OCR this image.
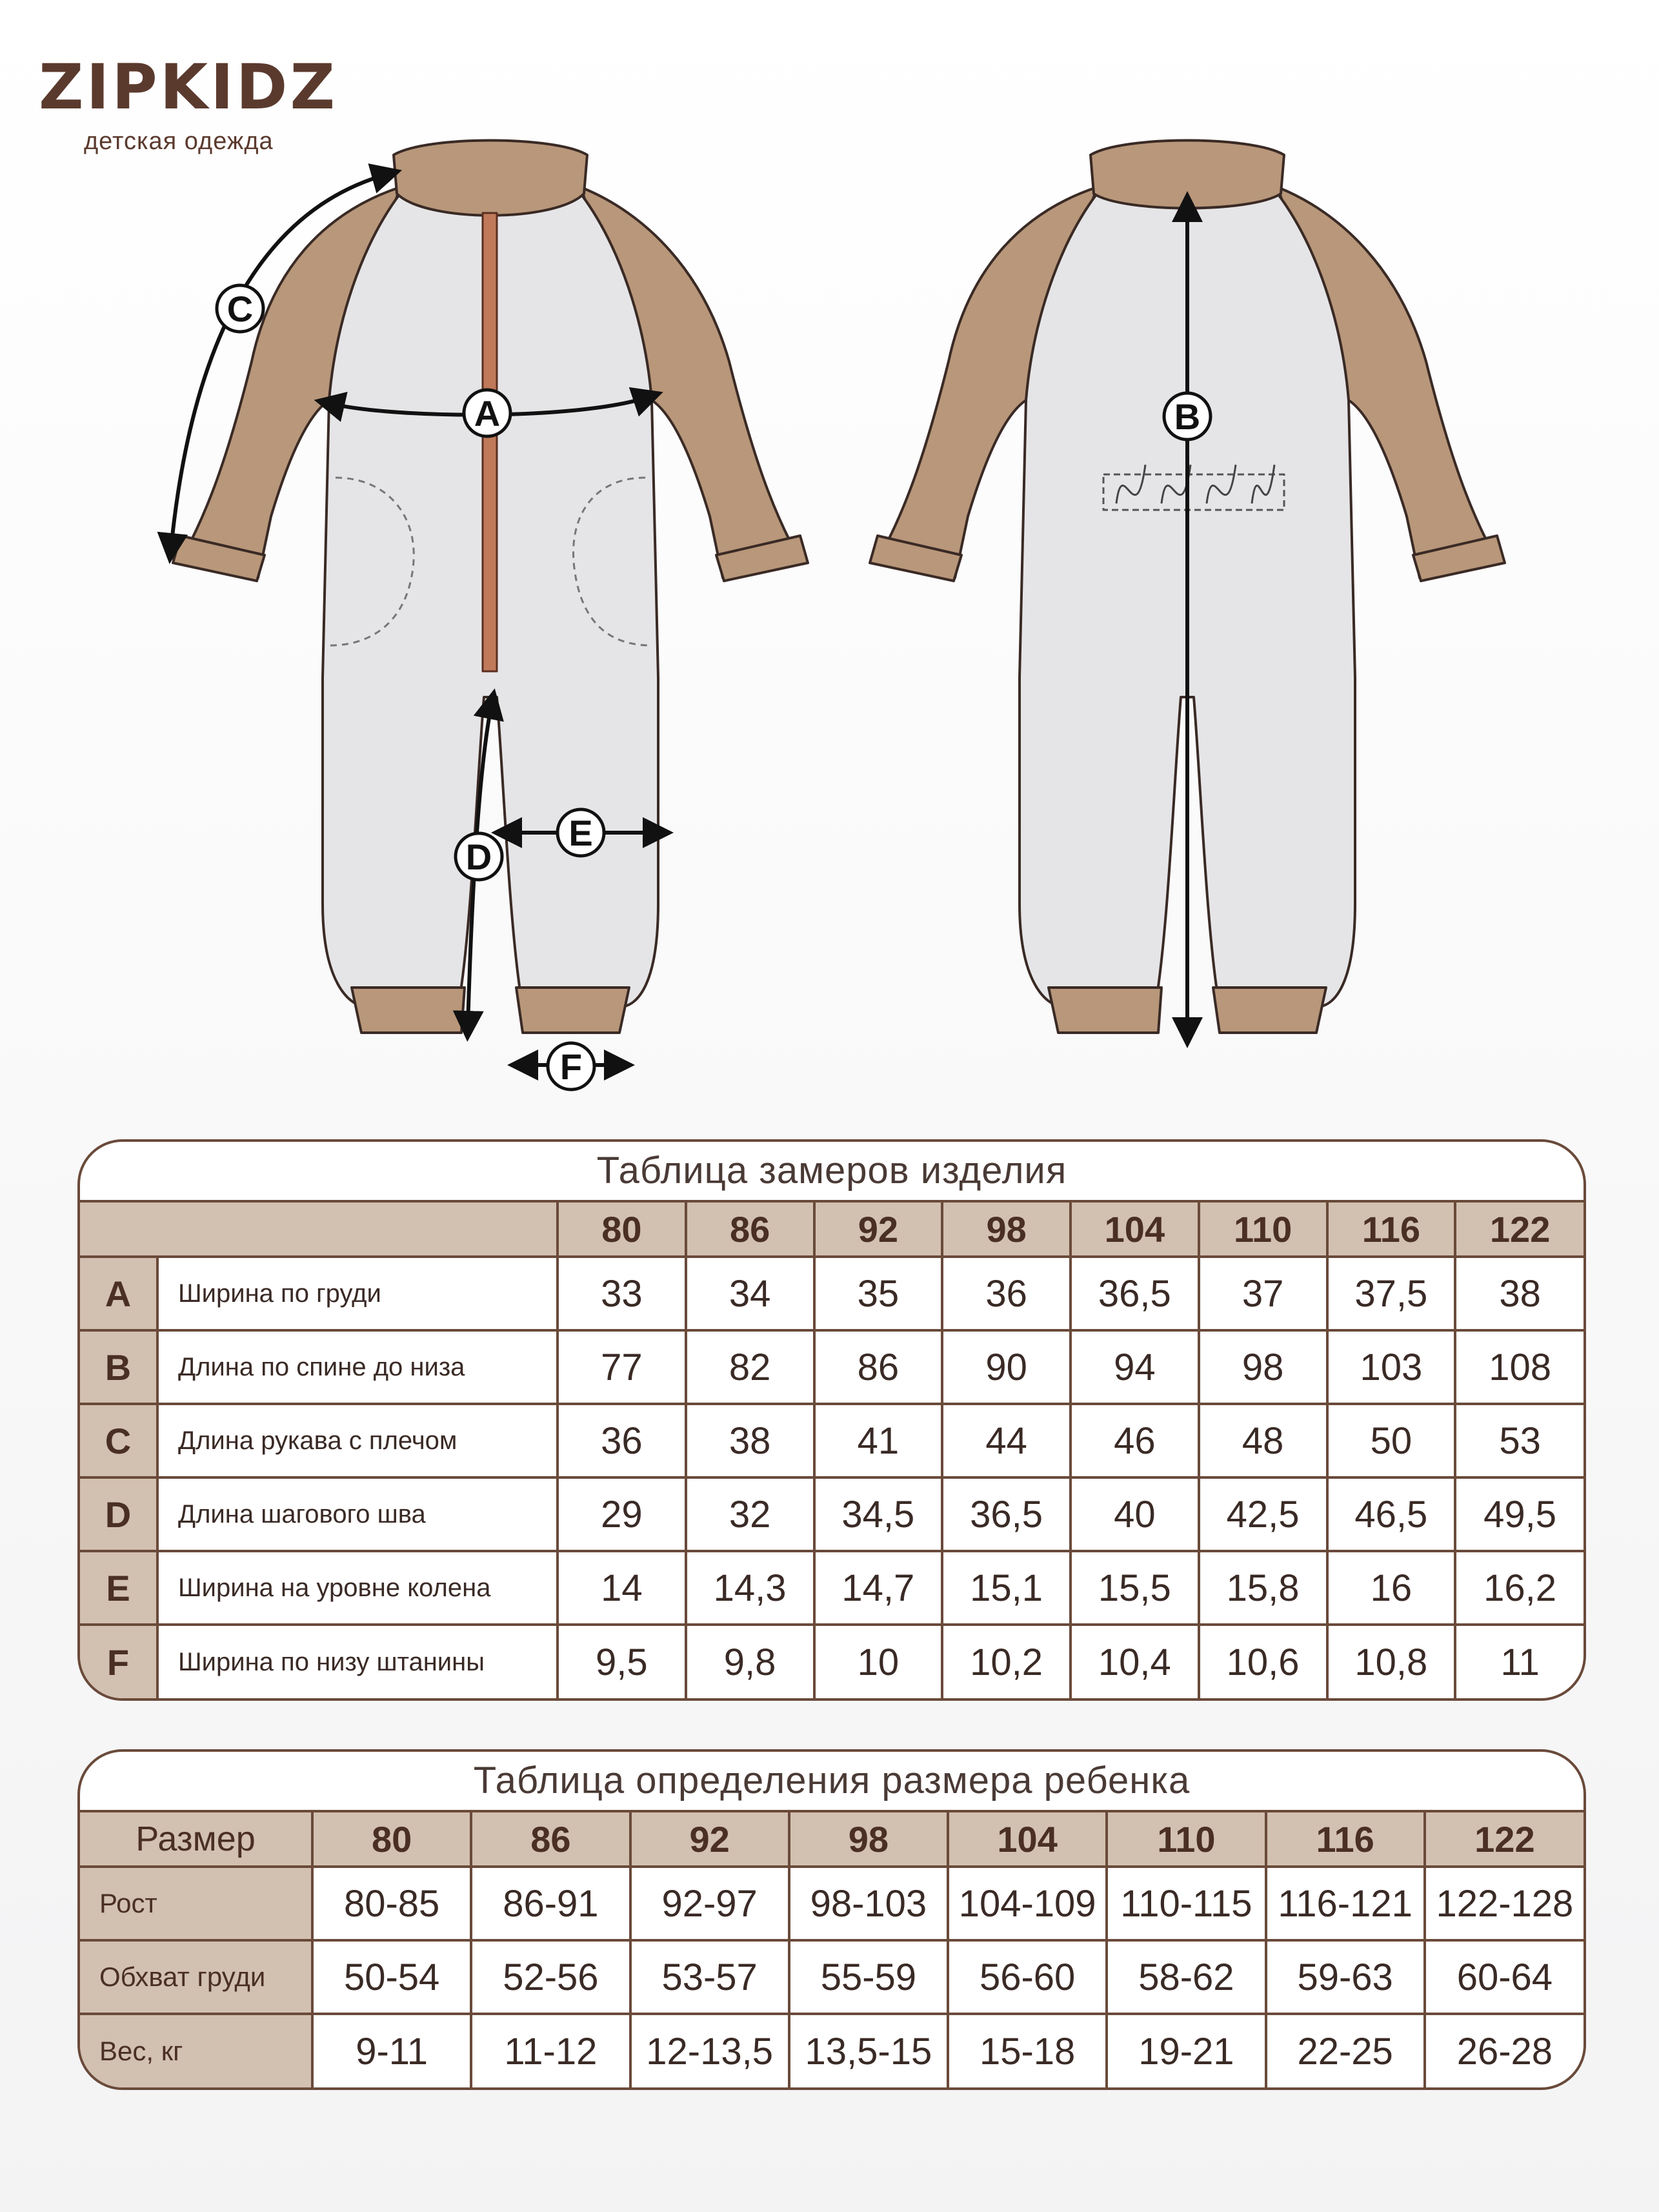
ZIPKIDZ
детская одежда
A	B
C
D
E
F
Таблица замеров изделия
		80	86	92	98	104	110	116	122
A	Ширина по груди	33	34	35	36	36,5	37	37,5	38
B	Длина по спине до низа	77	82	86	90	94	98	103	108
C	Длина рукава с плечом	36	38	41	44	46	48	50	53
D	Длина шагового шва	29	32	34,5	36,5	40	42,5	46,5	49,5
E	Ширина на уровне колена	14	14,3	14,7	15,1	15,5	15,8	16	16,2
F	Ширина по низу штанины	9,5	9,8	10	10,2	10,4	10,6	10,8	11
Таблица определения размера ребенка
Размер	80	86	92	98	104	110	116	122
Рост	80-85	86-91	92-97	98-103	104-109	110-115	116-121	122-128
Обхват груди	50-54	52-56	53-57	55-59	56-60	58-62	59-63	60-64
Вес, кг	9-11	11-12	12-13,5	13,5-15	15-18	19-21	22-25	26-28
